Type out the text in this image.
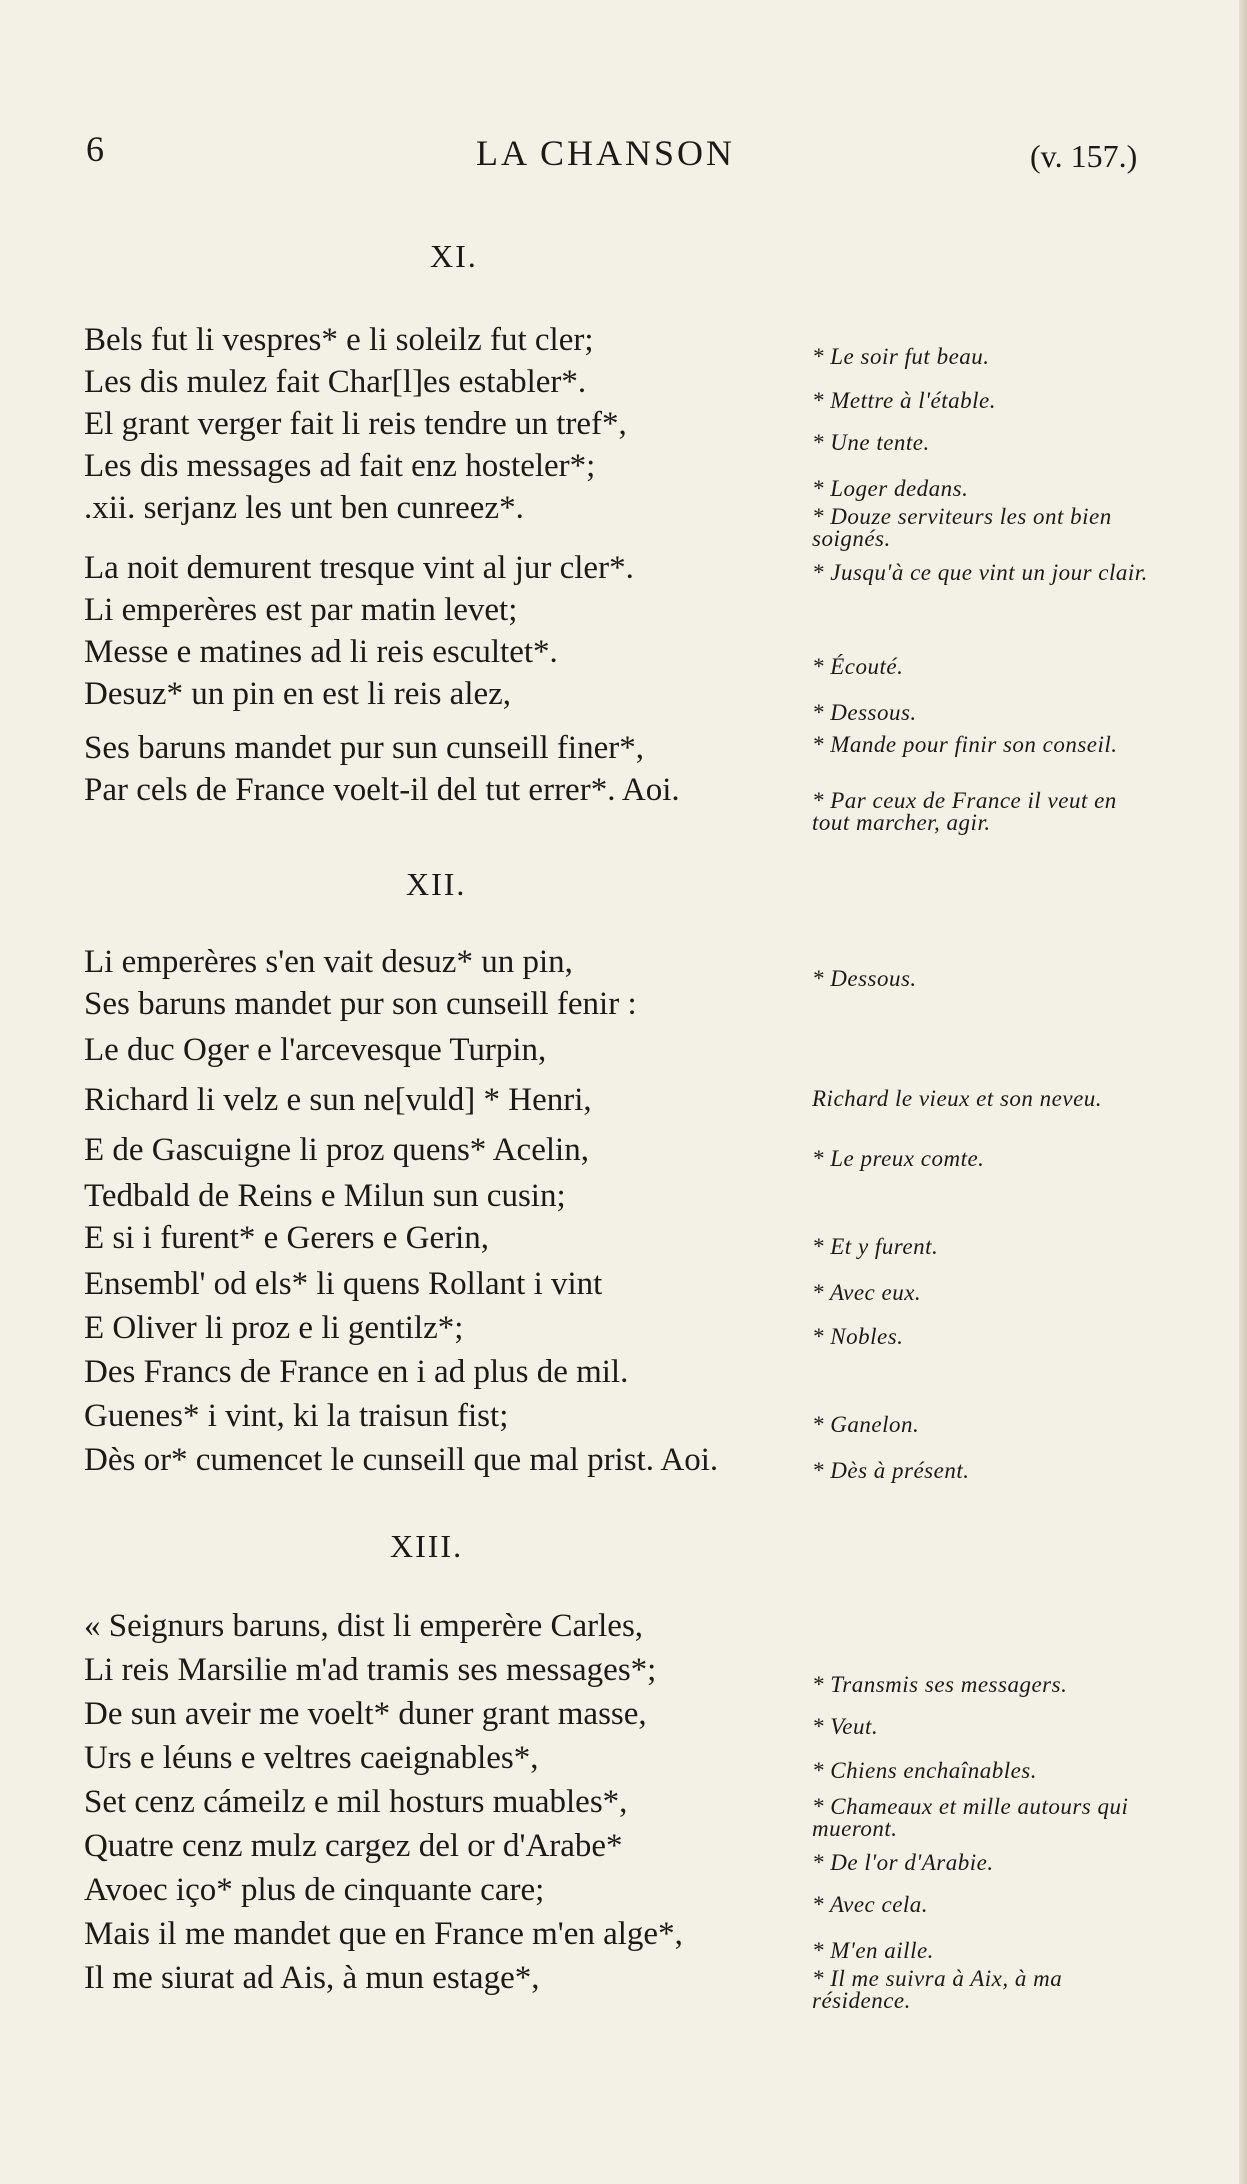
6	LA CHANSON	(v. 157.)
XI.
Bels fut li vespres* e li soleilz fut cler;
Les dis mulez fait Char[l]es establer*.
El grant verger fait li reis tendre un tref*,
Les dis messages ad fait enz hosteler*;
.xii. serjanz les unt ben cunreez*.
La noit demurent tresque vint al jur cler*.
Li emperères est par matin levet;
Messe e matines ad li reis escultet*.
Desuz* un pin en est li reis alez,
Ses baruns mandet pur sun cunseill finer*,
Par cels de France voelt-il del tut errer*. Aoi.
* Le soir fut beau.
* Mettre à l'étable.
* Une tente.
* Loger dedans.
* Douze serviteurs les ont bien soignés.
* Jusqu'à ce que vint un jour clair.
* Écouté.
* Dessous.
* Mande pour finir son conseil.
* Par ceux de France il veut en tout marcher, agir.
XII.
Li emperères s'en vait desuz* un pin,
Ses baruns mandet pur son cunseill fenir :
Le duc Oger e l'arcevesque Turpin,
Richard li velz e sun ne[vuld] * Henri,
E de Gascuigne li proz quens* Acelin,
Tedbald de Reins e Milun sun cusin;
E si i furent* e Gerers e Gerin,
Ensembl' od els* li quens Rollant i vint
E Oliver li proz e li gentilz*;
Des Francs de France en i ad plus de mil.
Guenes* i vint, ki la traisun fist;
Dès or* cumencet le cunseill que mal prist. Aoi.
* Dessous.
Richard le vieux et son neveu.
* Le preux comte.
* Et y furent.
* Avec eux.
* Nobles.
* Ganelon.
* Dès à présent.
XIII.
« Seignurs baruns, dist li emperère Carles,
Li reis Marsilie m'ad tramis ses messages*;
De sun aveir me voelt* duner grant masse,
Urs e léuns e veltres caeignables*,
Set cenz cámeilz e mil hosturs muables*,
Quatre cenz mulz cargez del or d'Arabe*
Avoec iço* plus de cinquante care;
Mais il me mandet que en France m'en alge*,
Il me siurat ad Ais, à mun estage*,
* Transmis ses messagers.
* Veut.
* Chiens enchaînables.
* Chameaux et mille autours qui mueront.
* De l'or d'Arabie.
* Avec cela.
* M'en aille.
* Il me suivra à Aix, à ma résidence.
